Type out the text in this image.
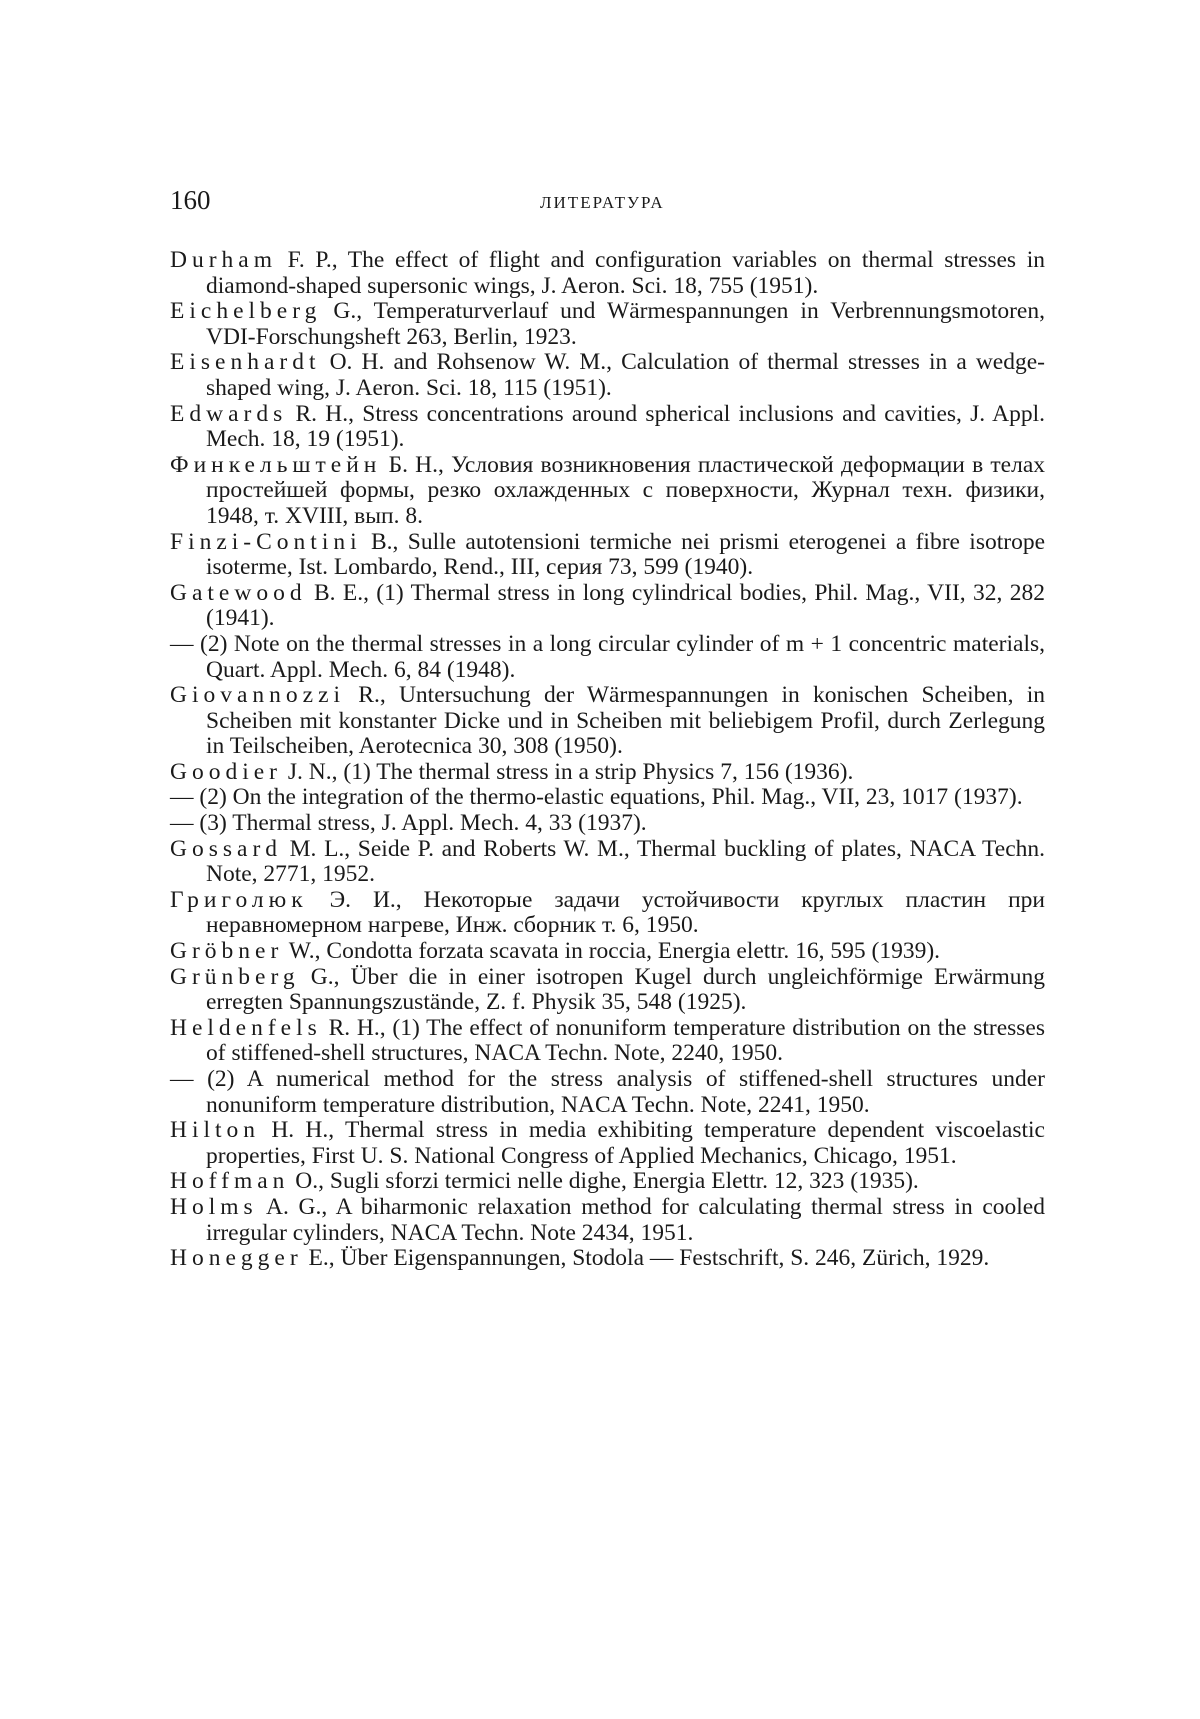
160	ЛИТЕРАТУРА

Durham F. P., The effect of flight and configuration variables on thermal stresses in diamond-shaped supersonic wings, J. Aeron. Sci. 18, 755 (1951).

Eichelberg G., Temperaturverlauf und Wärmespannungen in Verbrennungsmotoren, VDI-Forschungsheft 263, Berlin, 1923.

Eisenhardt O. H. and Rohsenow W. M., Calculation of thermal stresses in a wedge-shaped wing, J. Aeron. Sci. 18, 115 (1951).

Edwards R. H., Stress concentrations around spherical inclusions and cavities, J. Appl. Mech. 18, 19 (1951).

Финкельштейн Б. Н., Условия возникновения пластической деформации в телах простейшей формы, резко охлажденных с поверхности, Журнал техн. физики, 1948, т. XVIII, вып. 8.

Finzi-Contini B., Sulle autotensioni termiche nei prismi eterogenei a fibre isotrope isoterme, Ist. Lombardo, Rend., III, серия 73, 599 (1940).

Gatewood B. E., (1) Thermal stress in long cylindrical bodies, Phil. Mag., VII, 32, 282 (1941).

— (2) Note on the thermal stresses in a long circular cylinder of m + 1 concentric materials, Quart. Appl. Mech. 6, 84 (1948).

Giovannozzi R., Untersuchung der Wärmespannungen in konischen Scheiben, in Scheiben mit konstanter Dicke und in Scheiben mit beliebigem Profil, durch Zerlegung in Teilscheiben, Aerotecnica 30, 308 (1950).

Goodier J. N., (1) The thermal stress in a strip Physics 7, 156 (1936).

— (2) On the integration of the thermo-elastic equations, Phil. Mag., VII, 23, 1017 (1937).

— (3) Thermal stress, J. Appl. Mech. 4, 33 (1937).

Gossard M. L., Seide P. and Roberts W. M., Thermal buckling of plates, NACA Techn. Note, 2771, 1952.

Григолюк Э. И., Некоторые задачи устойчивости круглых пластин при неравномерном нагреве, Инж. сборник т. 6, 1950.

Gröbner W., Condotta forzata scavata in roccia, Energia elettr. 16, 595 (1939).

Grünberg G., Über die in einer isotropen Kugel durch ungleichförmige Erwärmung erregten Spannungszustände, Z. f. Physik 35, 548 (1925).

Heldenfels R. H., (1) The effect of nonuniform temperature distribution on the stresses of stiffened-shell structures, NACA Techn. Note, 2240, 1950.

— (2) A numerical method for the stress analysis of stiffened-shell structures under nonuniform temperature distribution, NACA Techn. Note, 2241, 1950.

Hilton H. H., Thermal stress in media exhibiting temperature dependent viscoelastic properties, First U. S. National Congress of Applied Mechanics, Chicago, 1951.

Hoffman O., Sugli sforzi termici nelle dighe, Energia Elettr. 12, 323 (1935).

Holms A. G., A biharmonic relaxation method for calculating thermal stress in cooled irregular cylinders, NACA Techn. Note 2434, 1951.

Honegger E., Über Eigenspannungen, Stodola — Festschrift, S. 246, Zürich, 1929.
